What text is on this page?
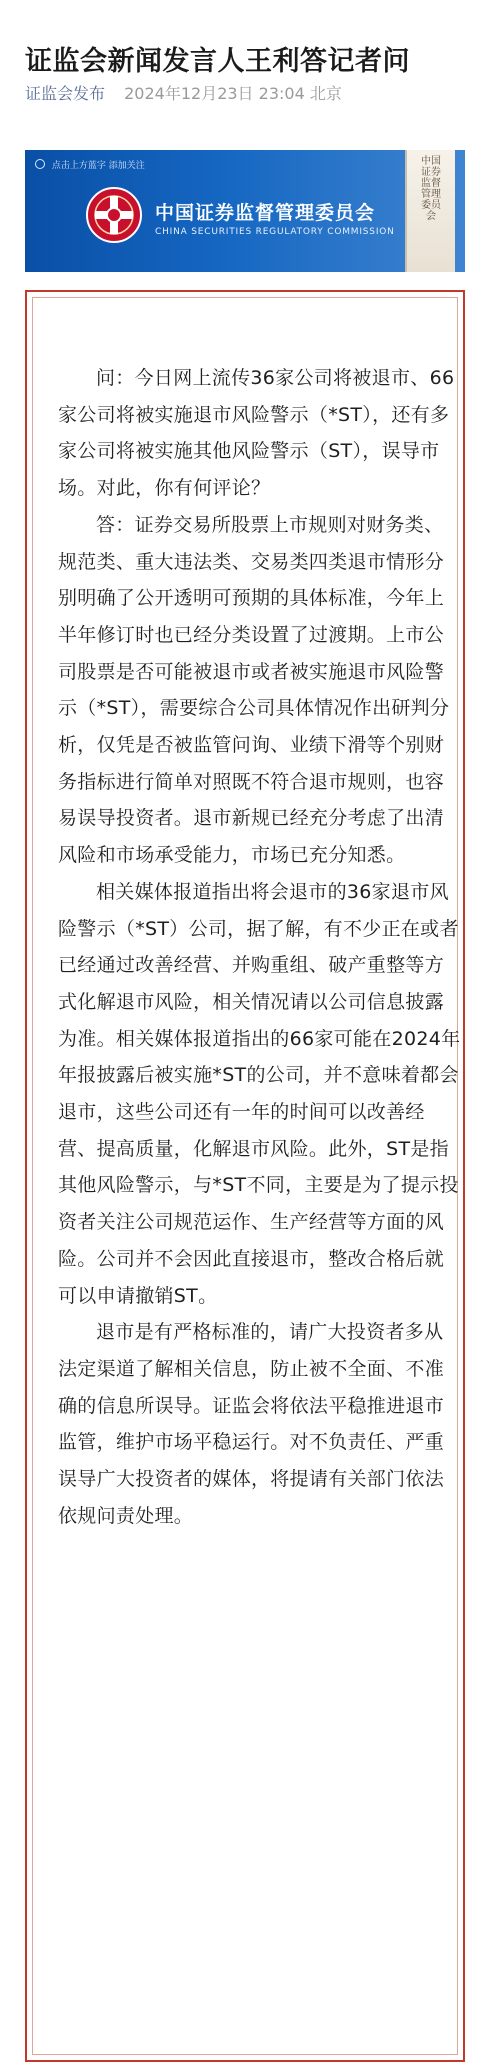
证监会新闻发言人王利答记者问
证监会发布 2024年12月23日 23:04 北京
点击上方蓝字 添加关注
中国证券监督管理委员会
CHINA SECURITIES REGULATORY COMMISSION
中国证券监督管理委员会

问：今日网上流传36家公司将被退市、66家公司将被实施退市风险警示（*ST），还有多家公司将被实施其他风险警示（ST），误导市场。对此，你有何评论？

答：证券交易所股票上市规则对财务类、规范类、重大违法类、交易类四类退市情形分别明确了公开透明可预期的具体标准，今年上半年修订时也已经分类设置了过渡期。上市公司股票是否可能被退市或者被实施退市风险警示（*ST），需要综合公司具体情况作出研判分析，仅凭是否被监管问询、业绩下滑等个别财务指标进行简单对照既不符合退市规则，也容易误导投资者。退市新规已经充分考虑了出清风险和市场承受能力，市场已充分知悉。

相关媒体报道指出将会退市的36家退市风险警示（*ST）公司，据了解，有不少正在或者已经通过改善经营、并购重组、破产重整等方式化解退市风险，相关情况请以公司信息披露为准。相关媒体报道指出的66家可能在2024年年报披露后被实施*ST的公司，并不意味着都会退市，这些公司还有一年的时间可以改善经营、提高质量，化解退市风险。此外，ST是指其他风险警示，与*ST不同，主要是为了提示投资者关注公司规范运作、生产经营等方面的风险。公司并不会因此直接退市，整改合格后就可以申请撤销ST。

退市是有严格标准的，请广大投资者多从法定渠道了解相关信息，防止被不全面、不准确的信息所误导。证监会将依法平稳推进退市监管，维护市场平稳运行。对不负责任、严重误导广大投资者的媒体，将提请有关部门依法依规问责处理。
